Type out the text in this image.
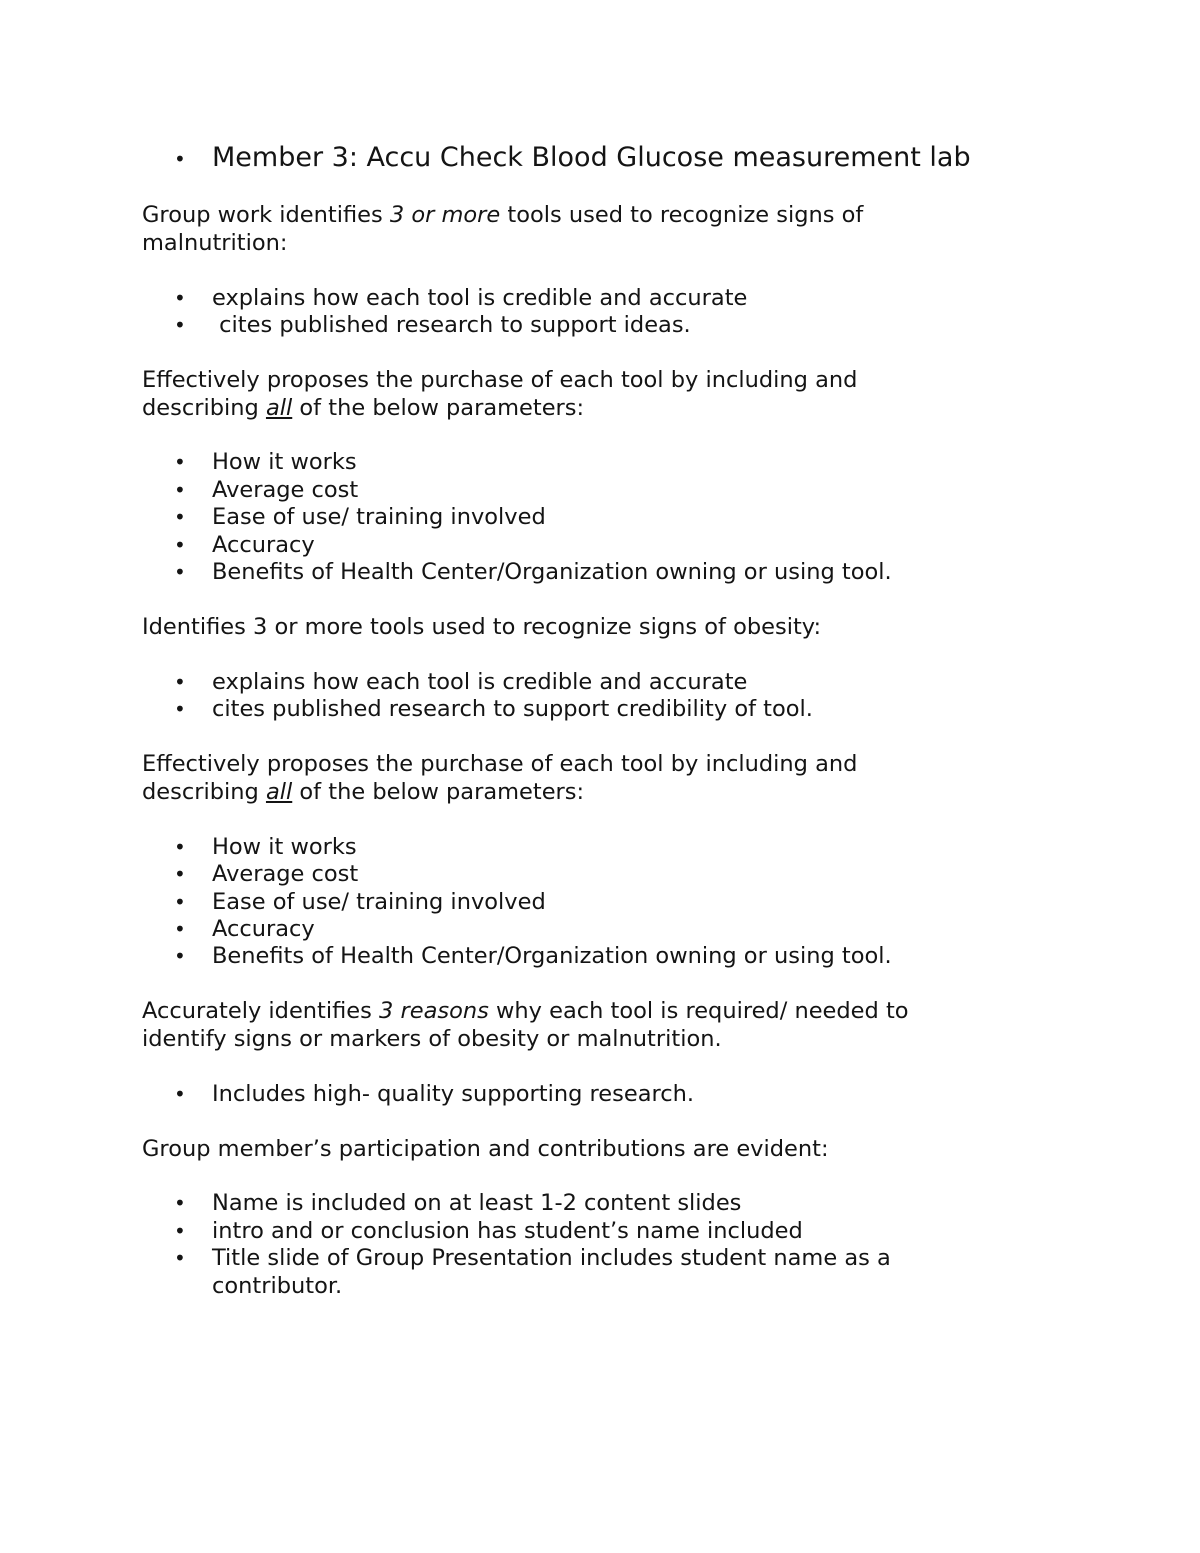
• Member 3: Accu Check Blood Glucose measurement lab

Group work identifies 3 or more tools used to recognize signs of

malnutrition:

• explains how each tool is credible and accurate

• cites published research to support ideas.

Effectively proposes the purchase of each tool by including and

describing all of the below parameters:

• How it works

• Average cost

• Ease of use/ training involved

• Accuracy

• Benefits of Health Center/Organization owning or using tool.

Identifies 3 or more tools used to recognize signs of obesity:

• explains how each tool is credible and accurate

• cites published research to support credibility of tool.

Effectively proposes the purchase of each tool by including and

describing all of the below parameters:

• How it works

• Average cost

• Ease of use/ training involved

• Accuracy

• Benefits of Health Center/Organization owning or using tool.

Accurately identifies 3 reasons why each tool is required/ needed to

identify signs or markers of obesity or malnutrition.

• Includes high- quality supporting research.

Group member’s participation and contributions are evident:

• Name is included on at least 1-2 content slides

• intro and or conclusion has student’s name included

• Title slide of Group Presentation includes student name as a

contributor.
